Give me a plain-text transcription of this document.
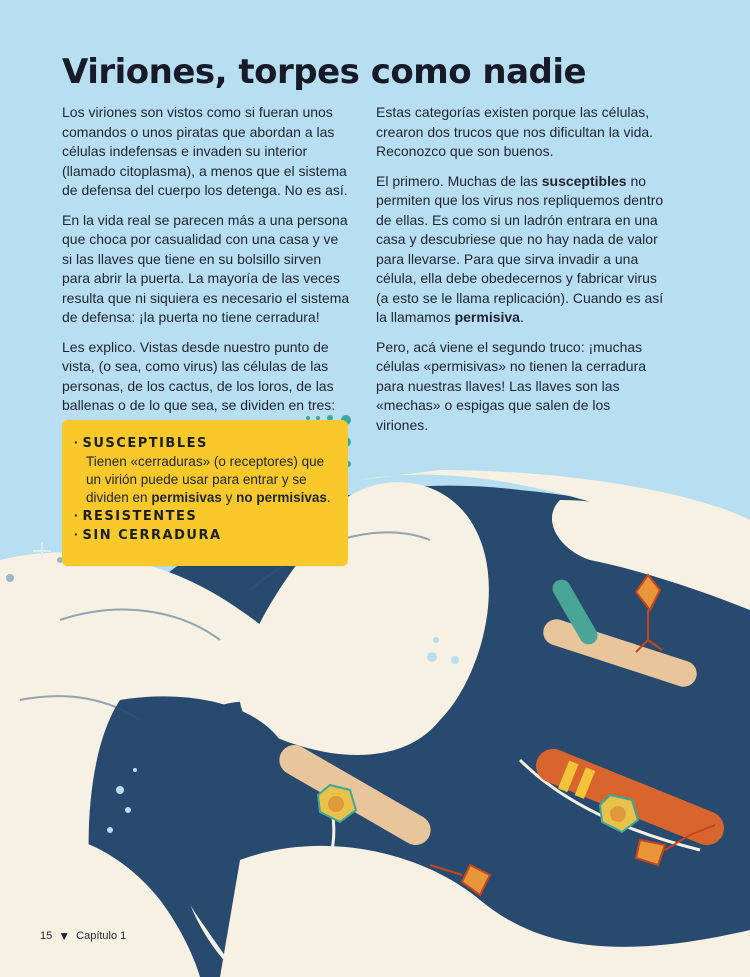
Viriones, torpes como nadie

Los viriones son vistos como si fueran unos comandos o unos piratas que abordan a las células indefensas e invaden su interior (llamado citoplasma), a menos que el sistema de defensa del cuerpo los detenga. No es así.

En la vida real se parecen más a una persona que choca por casualidad con una casa y ve si las llaves que tiene en su bolsillo sirven para abrir la puerta. La mayoría de las veces resulta que ni siquiera es necesario el sistema de defensa: ¡la puerta no tiene cerradura!

Les explico. Vistas desde nuestro punto de vista, (o sea, como virus) las células de las personas, de los cactus, de los loros, de las ballenas o de lo que sea, se dividen en tres:

Estas categorías existen porque las células, crearon dos trucos que nos dificultan la vida. Reconozco que son buenos.

El primero. Muchas de las susceptibles no permiten que los virus nos repliquemos dentro de ellas. Es como si un ladrón entrara en una casa y descubriese que no hay nada de valor para llevarse. Para que sirva invadir a una célula, ella debe obedecernos y fabricar virus (a esto se le llama replicación). Cuando es así la llamamos permisiva.

Pero, acá viene el segundo truco: ¡muchas células «permisivas» no tienen la cerradura para nuestras llaves! Las llaves son las «mechas» o espigas que salen de los viriones.

· SUSCEPTIBLES
Tienen «cerraduras» (o receptores) que un virión puede usar para entrar y se dividen en permisivas y no permisivas.
· RESISTENTES
· SIN CERRADURA
15 ▼ Capítulo 1
